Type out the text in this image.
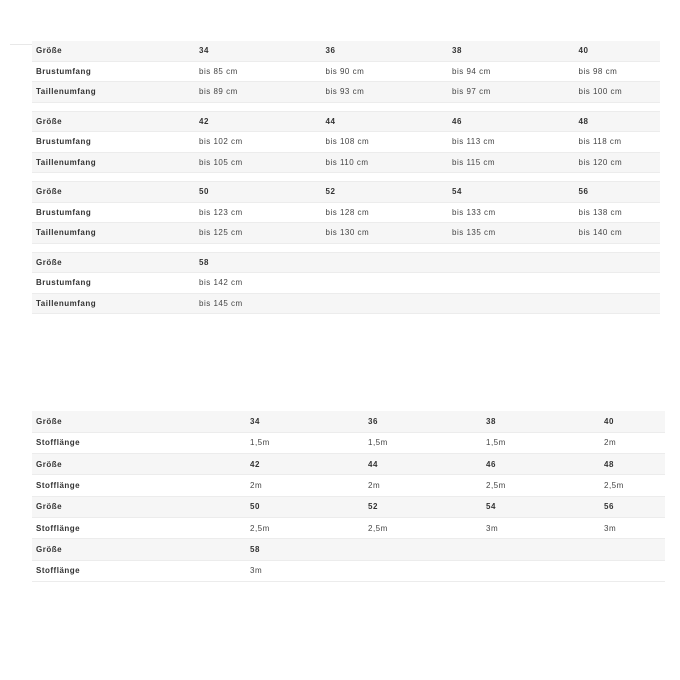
Größe	34	36	38	40	
Brustumfang	bis 85 cm	bis 90 cm	bis 94 cm	bis 98 cm	
Taillenumfang	bis 89 cm	bis 93 cm	bis 97 cm	bis 100 cm	

Größe	42	44	46	48	
Brustumfang	bis 102 cm	bis 108 cm	bis 113 cm	bis 118 cm	
Taillenumfang	bis 105 cm	bis 110 cm	bis 115 cm	bis 120 cm	

Größe	50	52	54	56	
Brustumfang	bis 123 cm	bis 128 cm	bis 133 cm	bis 138 cm	
Taillenumfang	bis 125 cm	bis 130 cm	bis 135 cm	bis 140 cm	

Größe	58				
Brustumfang	bis 142 cm				
Taillenumfang	bis 145 cm				
Größe	34	36	38	40	
Stofflänge	1,5m	1,5m	1,5m	2m	
Größe	42	44	46	48	
Stofflänge	2m	2m	2,5m	2,5m	
Größe	50	52	54	56	
Stofflänge	2,5m	2,5m	3m	3m	
Größe	58				
Stofflänge	3m				
